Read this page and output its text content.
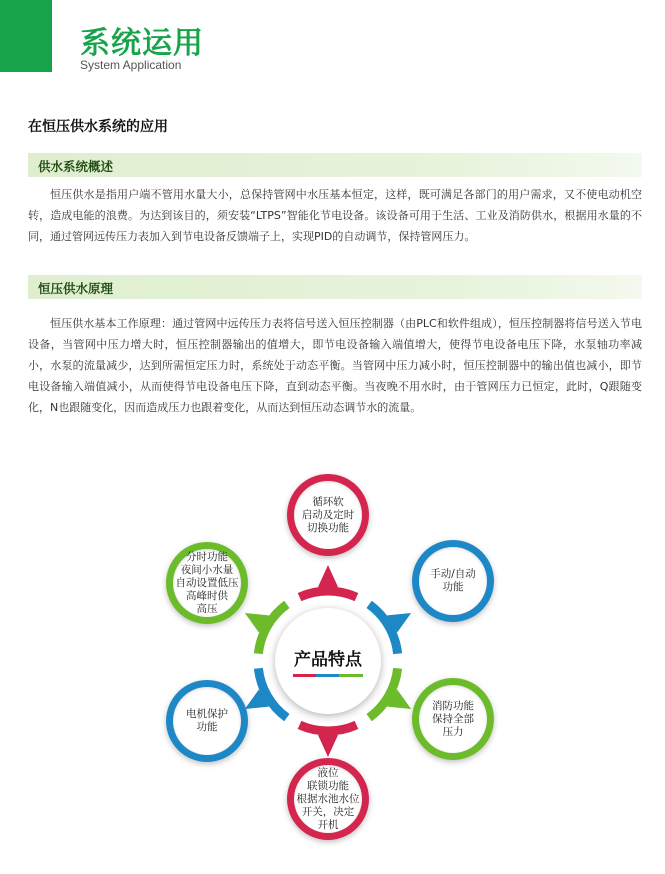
系统运用
System Application
在恒压供水系统的应用
供水系统概述
恒压供水是指用户端不管用水量大小，总保持管网中水压基本恒定，这样，既可满足各部门的用户需求，又不使电动机空转，造成电能的浪费。为达到该目的，须安装“LTPS”智能化节电设备。该设备可用于生活、工业及消防供水，根据用水量的不同，通过管网远传压力表加入到节电设备反馈端子上，实现PID的自动调节，保持管网压力。
恒压供水原理
恒压供水基本工作原理：通过管网中远传压力表将信号送入恒压控制器（由PLC和软件组成），恒压控制器将信号送入节电设备，当管网中压力增大时，恒压控制器输出的值增大，即节电设备输入端值增大，使得节电设备电压下降，水泵轴功率减小，水泵的流量减少，达到所需恒定压力时，系统处于动态平衡。当管网中压力减小时，恒压控制器中的输出值也减小，即节电设备输入端值减小，从而使得节电设备电压下降，直到动态平衡。当夜晚不用水时，由于管网压力已恒定，此时，Q跟随变化，N也跟随变化，因而造成压力也跟着变化，从而达到恒压动态调节水的流量。
产品特点
循环软
启动及定时
切换功能
手动/自动
功能
消防功能
保持全部
压力
液位
联锁功能
根据水池水位
开关，决定
开机
电机保护
功能
分时功能
夜间小水量
自动设置低压
高峰时供
高压
